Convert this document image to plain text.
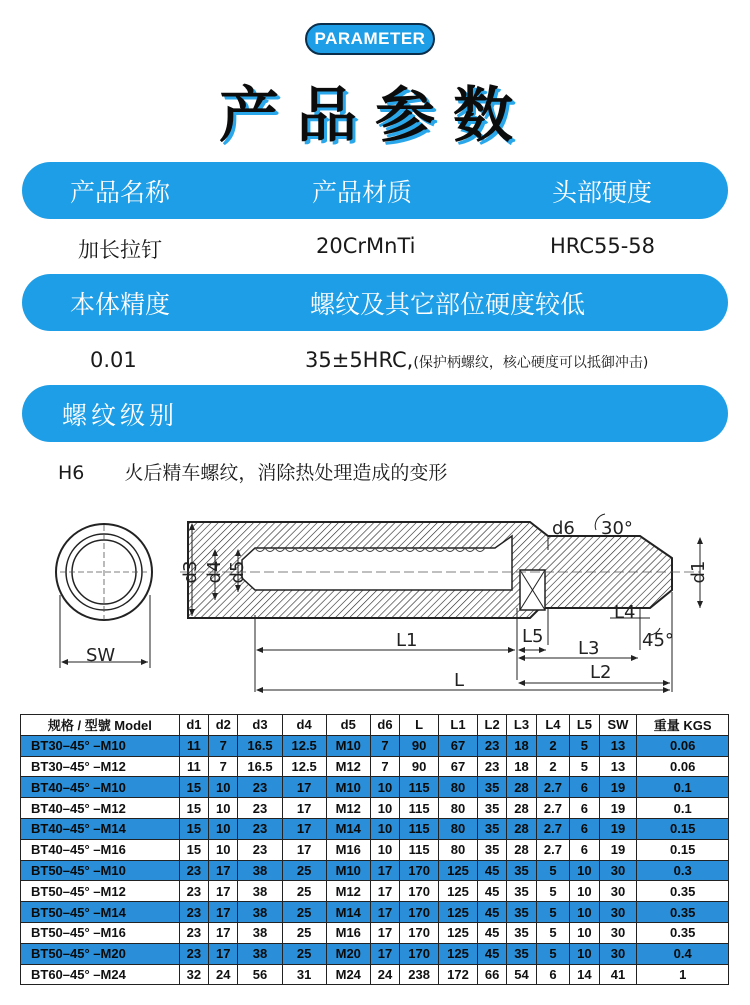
PARAMETER
产品参数
产品名称	产品材质	头部硬度
加长拉钉	20CrMnTi	HRC55-58
本体精度	螺纹及其它部位硬度较低
0.01	35±5HRC,(保护柄螺纹，核心硬度可以抵御冲击)
螺纹级别
H6 火后精车螺纹，消除热处理造成的变形
SW
d3 d4 d5	d1
d6 30°
L4
45°
L1	L5
L3
L2
L
规格 / 型號 Model	d1	d2	d3	d4	d5	d6	L	L1	L2	L3	L4	L5	SW	重量 KGS
BT30–45° –M10	11	7	16.5	12.5	M10	7	90	67	23	18	2	5	13	0.06
BT30–45° –M12	11	7	16.5	12.5	M12	7	90	67	23	18	2	5	13	0.06
BT40–45° –M10	15	10	23	17	M10	10	115	80	35	28	2.7	6	19	0.1
BT40–45° –M12	15	10	23	17	M12	10	115	80	35	28	2.7	6	19	0.1
BT40–45° –M14	15	10	23	17	M14	10	115	80	35	28	2.7	6	19	0.15
BT40–45° –M16	15	10	23	17	M16	10	115	80	35	28	2.7	6	19	0.15
BT50–45° –M10	23	17	38	25	M10	17	170	125	45	35	5	10	30	0.3
BT50–45° –M12	23	17	38	25	M12	17	170	125	45	35	5	10	30	0.35
BT50–45° –M14	23	17	38	25	M14	17	170	125	45	35	5	10	30	0.35
BT50–45° –M16	23	17	38	25	M16	17	170	125	45	35	5	10	30	0.35
BT50–45° –M20	23	17	38	25	M20	17	170	125	45	35	5	10	30	0.4
BT60–45° –M24	32	24	56	31	M24	24	238	172	66	54	6	14	41	1
